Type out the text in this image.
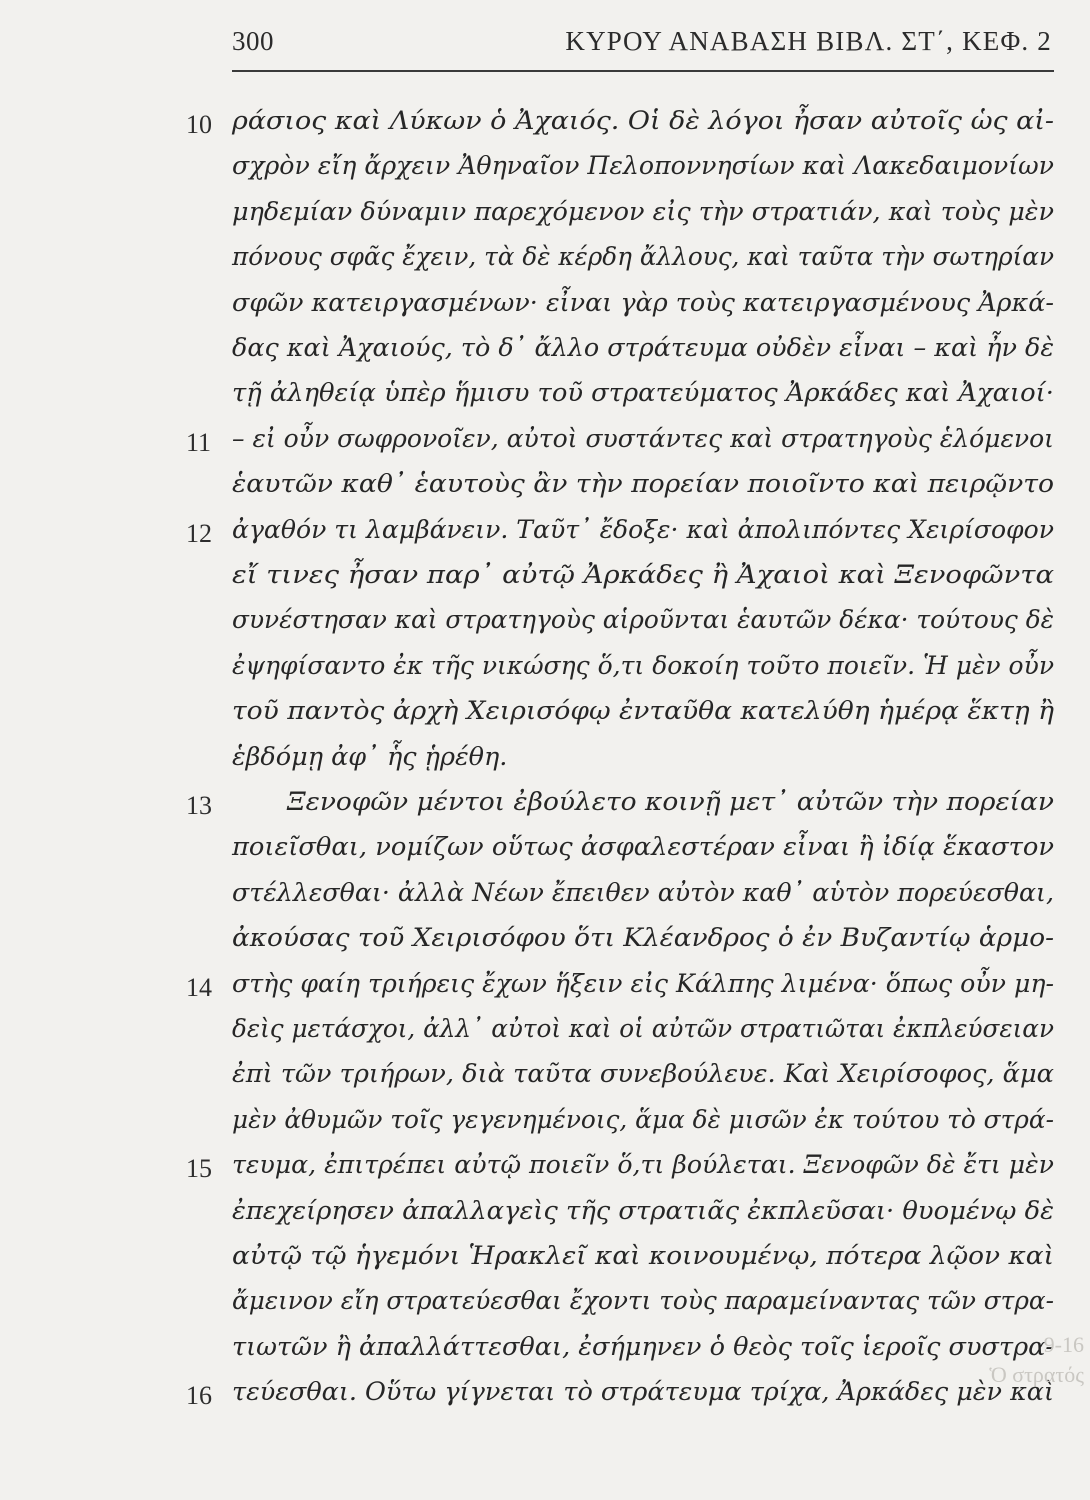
300	ΚΥΡΟΥ ΑΝΑΒΑΣΗ ΒΙΒΛ. ΣΤ΄, ΚΕΦ. 2
10 ράσιος καὶ Λύκων ὁ Ἀχαιός. Οἱ δὲ λόγοι ἦσαν αὐτοῖς ὡς αἰ-
σχρὸν εἴη ἄρχειν Ἀθηναῖον Πελοποννησίων καὶ Λακεδαιμονίων
μηδεμίαν δύναμιν παρεχόμενον εἰς τὴν στρατιάν, καὶ τοὺς μὲν
πόνους σφᾶς ἔχειν, τὰ δὲ κέρδη ἄλλους, καὶ ταῦτα τὴν σωτηρίαν
σφῶν κατειργασμένων· εἶναι γὰρ τοὺς κατειργασμένους Ἀρκά-
δας καὶ Ἀχαιούς, τὸ δ᾽ ἄλλο στράτευμα οὐδὲν εἶναι – καὶ ἦν δὲ
τῇ ἀληθείᾳ ὑπὲρ ἥμισυ τοῦ στρατεύματος Ἀρκάδες καὶ Ἀχαιοί·
11 – εἰ οὖν σωφρονοῖεν, αὐτοὶ συστάντες καὶ στρατηγοὺς ἑλόμενοι
ἑαυτῶν καθ᾽ ἑαυτοὺς ἂν τὴν πορείαν ποιοῖντο καὶ πειρῷντο
12 ἀγαθόν τι λαμβάνειν. Ταῦτ᾽ ἔδοξε· καὶ ἀπολιπόντες Χειρίσοφον
εἴ τινες ἦσαν παρ᾽ αὐτῷ Ἀρκάδες ἢ Ἀχαιοὶ καὶ Ξενοφῶντα
συνέστησαν καὶ στρατηγοὺς αἱροῦνται ἑαυτῶν δέκα· τούτους δὲ
ἐψηφίσαντο ἐκ τῆς νικώσης ὅ,τι δοκοίη τοῦτο ποιεῖν. Ἡ μὲν οὖν
τοῦ παντὸς ἀρχὴ Χειρισόφῳ ἐνταῦθα κατελύθη ἡμέρᾳ ἕκτῃ ἢ
ἑβδόμῃ ἀφ᾽ ἧς ᾑρέθη.
13	Ξενοφῶν μέντοι ἐβούλετο κοινῇ μετ᾽ αὐτῶν τὴν πορείαν
ποιεῖσθαι, νομίζων οὕτως ἀσφαλεστέραν εἶναι ἢ ἰδίᾳ ἕκαστον
στέλλεσθαι· ἀλλὰ Νέων ἔπειθεν αὐτὸν καθ᾽ αὑτὸν πορεύεσθαι,
ἀκούσας τοῦ Χειρισόφου ὅτι Κλέανδρος ὁ ἐν Βυζαντίῳ ἁρμο-
14 στὴς φαίη τριήρεις ἔχων ἥξειν εἰς Κάλπης λιμένα· ὅπως οὖν μη-
δεὶς μετάσχοι, ἀλλ᾽ αὐτοὶ καὶ οἱ αὐτῶν στρατιῶται ἐκπλεύσειαν
ἐπὶ τῶν τριήρων, διὰ ταῦτα συνεβούλευε. Καὶ Χειρίσοφος, ἅμα
μὲν ἀθυμῶν τοῖς γεγενημένοις, ἅμα δὲ μισῶν ἐκ τούτου τὸ στρά-
15 τευμα, ἐπιτρέπει αὐτῷ ποιεῖν ὅ,τι βούλεται. Ξενοφῶν δὲ ἔτι μὲν
ἐπεχείρησεν ἀπαλλαγεὶς τῆς στρατιᾶς ἐκπλεῦσαι· θυομένῳ δὲ
αὐτῷ τῷ ἡγεμόνι Ἡρακλεῖ καὶ κοινουμένῳ, πότερα λῷον καὶ
ἄμεινον εἴη στρατεύεσθαι ἔχοντι τοὺς παραμείναντας τῶν στρα-
τιωτῶν ἢ ἀπαλλάττεσθαι, ἐσήμηνεν ὁ θεὸς τοῖς ἱεροῖς συστρα-
16 τεύεσθαι. Οὕτω γίγνεται τὸ στράτευμα τρίχα, Ἀρκάδες μὲν καὶ
9-16
Ὁ στρατός
